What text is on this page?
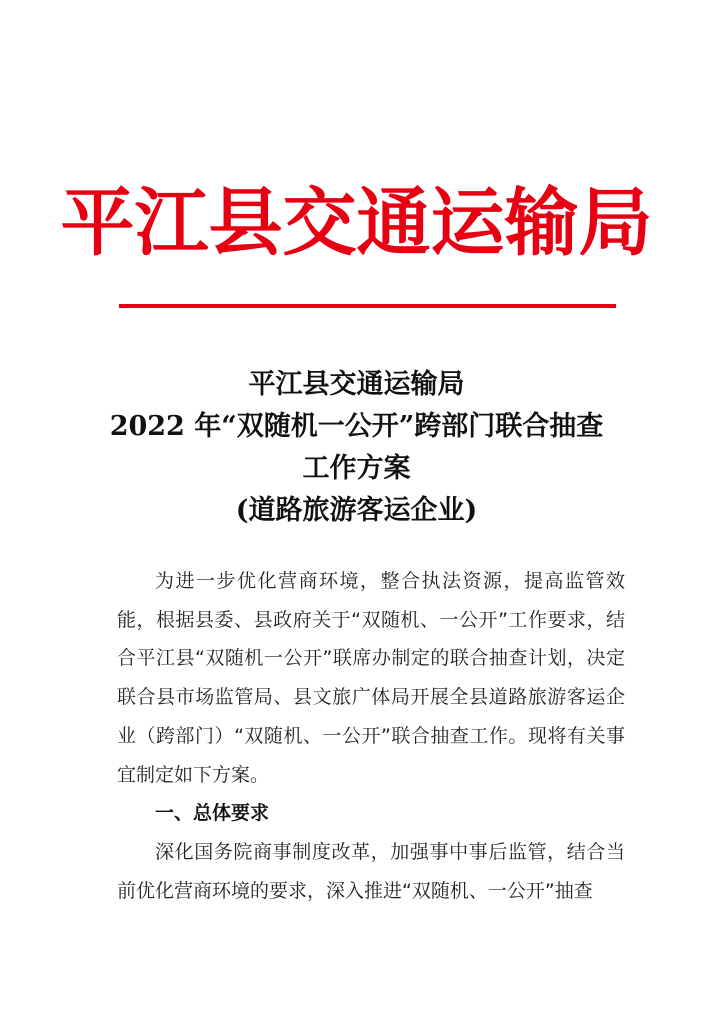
平江县交通运输局
平江县交通运输局
2022 年“双随机一公开”跨部门联合抽查
工作方案
(道路旅游客运企业)

为进一步优化营商环境，整合执法资源，提高监管效能，根据县委、县政府关于“双随机、一公开”工作要求，结合平江县“双随机一公开”联席办制定的联合抽查计划，决定联合县市场监管局、县文旅广体局开展全县道路旅游客运企业（跨部门）“双随机、一公开”联合抽查工作。现将有关事宜制定如下方案。

一、总体要求

深化国务院商事制度改革，加强事中事后监管，结合当前优化营商环境的要求，深入推进“双随机、一公开”抽查
